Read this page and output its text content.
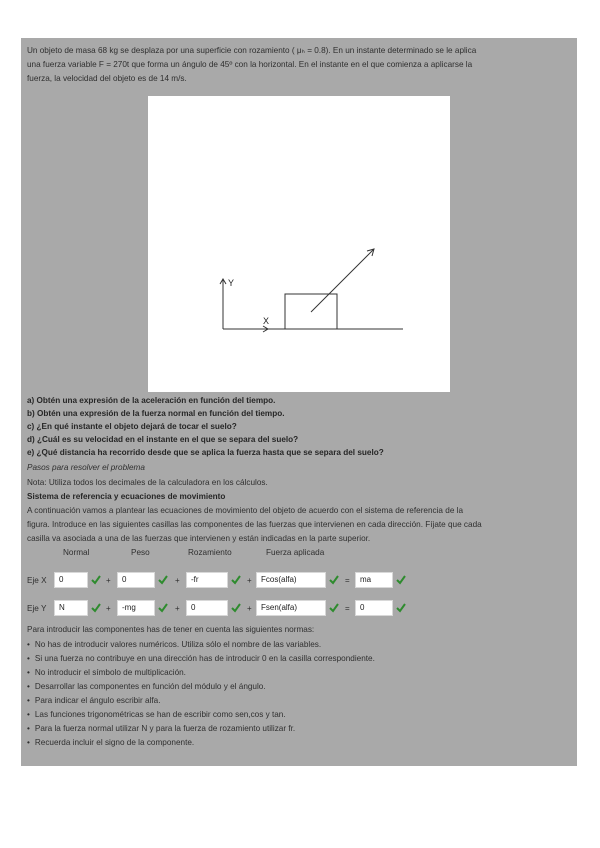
Un objeto de masa 68 kg se desplaza por una superficie con rozamiento ( μₕ = 0.8). En un instante determinado se le aplica
una fuerza variable F = 270t que forma un ángulo de 45º con la horizontal. En el instante en el que comienza a aplicarse la
fuerza, la velocidad del objeto es de 14 m/s.
Y
X
a) Obtén una expresión de la aceleración en función del tiempo.
b) Obtén una expresión de la fuerza normal en función del tiempo.
c) ¿En qué instante el objeto dejará de tocar el suelo?
d) ¿Cuál es su velocidad en el instante en el que se separa del suelo?
e) ¿Qué distancia ha recorrido desde que se aplica la fuerza hasta que se separa del suelo?
Pasos para resolver el problema
Nota: Utiliza todos los decimales de la calculadora en los cálculos.
Sistema de referencia y ecuaciones de movimiento
A continuación vamos a plantear las ecuaciones de movimiento del objeto de acuerdo con el sistema de referencia de la
figura. Introduce en las siguientes casillas las componentes de las fuerzas que intervienen en cada dirección. Fíjate que cada
casilla va asociada a una de las fuerzas que intervienen y están indicadas en la parte superior.
Normal	Peso	Rozamiento	Fuerza aplicada
Eje X	0	+	0	+	-fr	+	Fcos(alfa)	=	ma
Eje Y	N	+	-mg	+	0	+	Fsen(alfa)	=	0
Para introducir las componentes has de tener en cuenta las siguientes normas:
• No has de introducir valores numéricos. Utiliza sólo el nombre de las variables.
• Si una fuerza no contribuye en una dirección has de introducir 0 en la casilla correspondiente.
• No introducir el símbolo de multiplicación.
• Desarrollar las componentes en función del módulo y el ángulo.
• Para indicar el ángulo escribir alfa.
• Las funciones trigonométricas se han de escribir como sen,cos y tan.
• Para la fuerza normal utilizar N y para la fuerza de rozamiento utilizar fr.
• Recuerda incluir el signo de la componente.
